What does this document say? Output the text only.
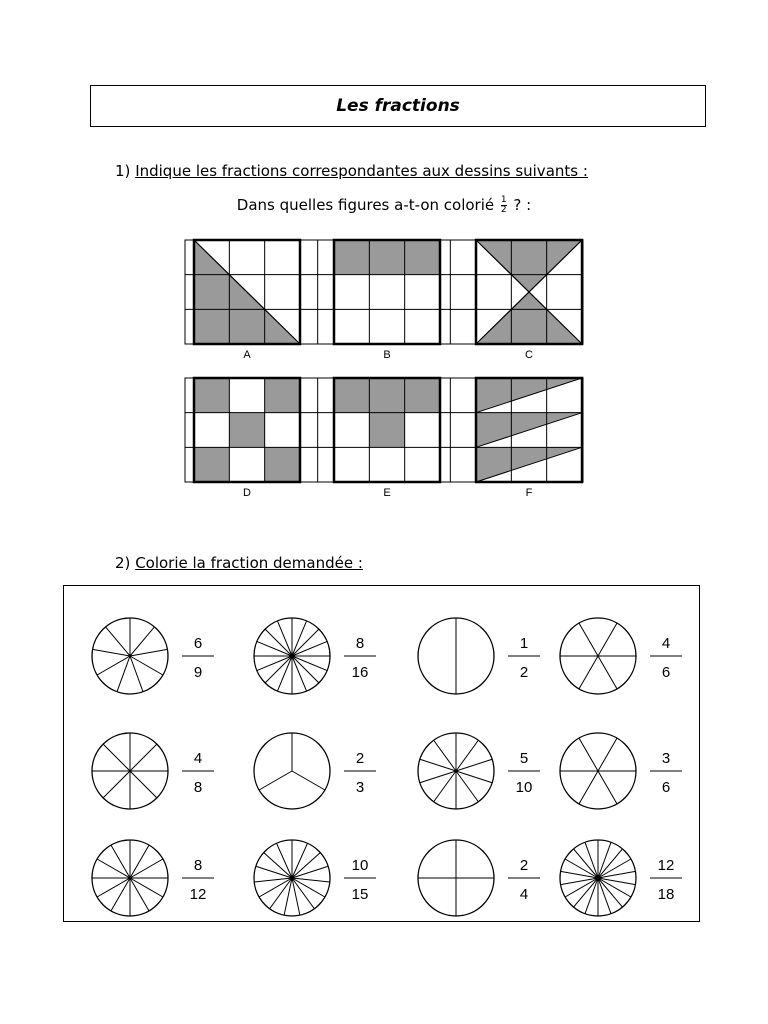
Les fractions
1) Indique les fractions correspondantes aux dessins suivants :
Dans quelles figures a-t-on colorié $\frac{1}{2}$ ? :
A	B	C
D	E	F
2) Colorie la fraction demandée :
6
9
8
16
1
2
4
6
4
8
2
3
5
10
3
6
8
12
10
15
2
4
12
18
